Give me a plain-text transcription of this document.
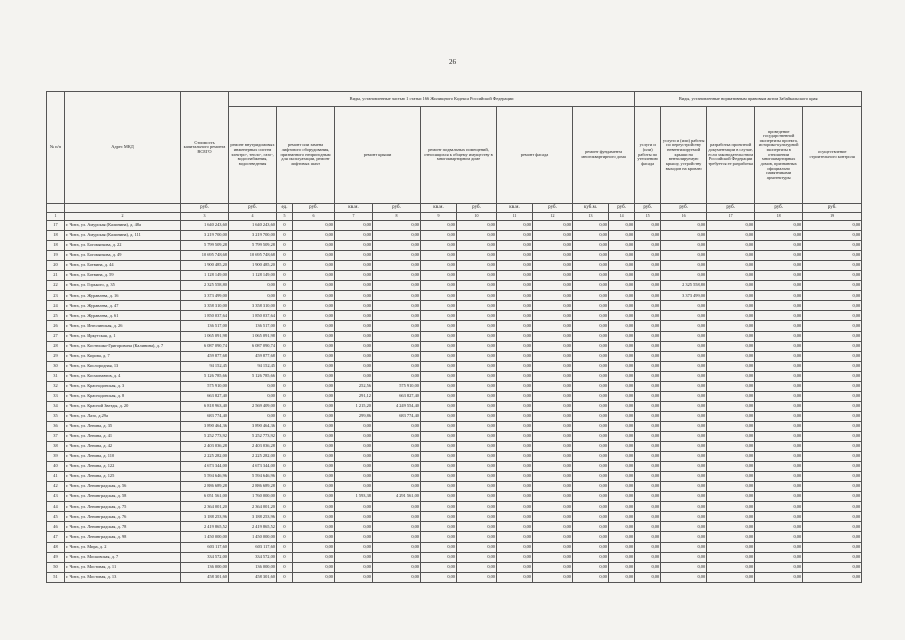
26
№ п/п	Адрес МКД	Стоимость капитального ремонта ВСЕГО	Виды, установленные частью 1 статьи 166 Жилищного Кодекса Российской Федерации											Виды, установленные нормативным правовым актом Забайкальского края				
			ремонт внутридомовых инженерных систем электро-, тепло-, газо-, водоснабжения, водоотведения	ремонт или замена лифтового оборудования, признанного непригодным для эксплуатации, ремонт лифтовых шахт		ремонт крыши		ремонт подвальных помещений, относящихся к общему имуществу в многоквартирном доме		ремонт фасада		ремонт фундамента многоквартирного дома		услуги и (или) работы по утеплению фасада	услуги и (или) работы по переустройству невентилируемой крыши на вентилируемую крышу, устройству выходов на кровлю	разработка проектной документации в случае, если законодательством Российской Федерации требуется ее разработка	проведение государственной экспертизы проекта, историко-культурной экспертизы в отношении многоквартирных домов, признанных официально памятниками архитектуры	осуществление строительного контроля
		руб.	руб.	ед.	руб.	кв.м.	руб.	кв.м.	руб.	кв.м.	руб.	куб.м.	руб.	руб.	руб.	руб.	руб.	руб.
1	2	3	4	5	6	7	8	9	10	11	12	13	14	15	16	17	18	19
17	г. Чита, ул. Амурская (Калинина), д. 48а	1 640 243,60	1 640 243,60	0	0,00	0,00	0,00	0,00	0,00	0,00	0,00	0,00	0,00	0,00	0,00	0,00	0,00	0,00
18	г. Чита, ул. Амурская (Калинина), д. 111	3 219 700,00	3 219 700,00	0	0,00	0,00	0,00	0,00	0,00	0,00	0,00	0,00	0,00	0,00	0,00	0,00	0,00	0,00
18	г. Чита, ул. Богомягкова, д. 22	5 799 509,28	5 799 509,28	0	0,00	0,00	0,00	0,00	0,00	0,00	0,00	0,00	0,00	0,00	0,00	0,00	0,00	0,00
19	г. Чита, ул. Богомягкова, д. 49	10 695 748,68	10 695 748,68	0	0,00	0,00	0,00	0,00	0,00	0,00	0,00	0,00	0,00	0,00	0,00	0,00	0,00	0,00
20	г. Чита, ул. Ботвина, д. 44	1 900 485,20	1 900 485,20	0	0,00	0,00	0,00	0,00	0,00	0,00	0,00	0,00	0,00	0,00	0,00	0,00	0,00	0,00
21	г. Чита, ул. Ботвина, д. 59	1 128 149,00	1 128 149,00	0	0,00	0,00	0,00	0,00	0,00	0,00	0,00	0,00	0,00	0,00	0,00	0,00	0,00	0,00
22	г. Чита, ул. Горького, д. 35	2 325 558,80	0,00	0	0,00	0,00	0,00	0,00	0,00	0,00	0,00	0,00	0,00	0,00	2 325 558,80	0,00	0,00	0,00
23	г. Чита, ул. Журавлева, д. 16	3 373 499,00	0,00	0	0,00	0,00	0,00	0,00	0,00	0,00	0,00	0,00	0,00	0,00	3 373 499,00	0,00	0,00	0,00
24	г. Чита, ул. Журавлева, д. 47	3 358 310,00	3 358 310,00	0	0,00	0,00	0,00	0,00	0,00	0,00	0,00	0,00	0,00	0,00	0,00	0,00	0,00	0,00
25	г. Чита, ул. Журавлева, д. 61	1 850 037,64	1 850 037,64	0	0,00	0,00	0,00	0,00	0,00	0,00	0,00	0,00	0,00	0,00	0,00	0,00	0,00	0,00
26	г. Чита, ул. Инголинская, д. 26	136 517,00	136 517,00	0	0,00	0,00	0,00	0,00	0,00	0,00	0,00	0,00	0,00	0,00	0,00	0,00	0,00	0,00
27	г. Чита, ул. Иркутская, д. 1	1 065 091,98	1 065 091,98	0	0,00	0,00	0,00	0,00	0,00	0,00	0,00	0,00	0,00	0,00	0,00	0,00	0,00	0,00
28	г. Чита, ул. Костюшко-Григоровича (Калинина), д. 7	6 087 090,74	6 087 090,74	0	0,00	0,00	0,00	0,00	0,00	0,00	0,00	0,00	0,00	0,00	0,00	0,00	0,00	0,00
29	г. Чита, ул. Кирова, д. 7	459 877,68	459 877,68	0	0,00	0,00	0,00	0,00	0,00	0,00	0,00	0,00	0,00	0,00	0,00	0,00	0,00	0,00
30	г. Чита, ул. Кислородная, 13	94 152,45	94 152,45	0	0,00	0,00	0,00	0,00	0,00	0,00	0,00	0,00	0,00	0,00	0,00	0,00	0,00	0,00
31	г. Чита, ул. Космонавтов, д. 4	5 126 785,66	5 126 785,66	0	0,00	0,00	0,00	0,00	0,00	0,00	0,00	0,00	0,00	0,00	0,00	0,00	0,00	0,00
32	г. Чита, ул. Краснодонская, д. 3	575 910,00	0,00	0	0,00	252,56	575 910,00	0,00	0,00	0,00	0,00	0,00	0,00	0,00	0,00	0,00	0,00	0,00
33	г. Чита, ул. Краснодонская, д. 8	663 827,40	0,00	0	0,00	291,12	663 827,40	0,00	0,00	0,00	0,00	0,00	0,00	0,00	0,00	0,00	0,00	0,00
34	г. Чита, ул. Красной Звезды, д. 20	6 818 963,40	2 569 409,00	0	0,00	1 215,20	4 249 554,40	0,00	0,00	0,00	0,00	0,00	0,00	0,00	0,00	0,00	0,00	0,00
35	г. Чита, ул. Лазо, д.29а	683 774,40	0,00	0	0,00	299,86	683 774,40	0,00	0,00	0,00	0,00	0,00	0,00	0,00	0,00	0,00	0,00	0,00
36	г. Чита, ул. Ленина, д. 35	3 890 464,36	3 890 464,36	0	0,00	0,00	0,00	0,00	0,00	0,00	0,00	0,00	0,00	0,00	0,00	0,00	0,00	0,00
37	г. Чита, ул. Ленина, д. 41	5 252 773,92	5 252 773,92	0	0,00	0,00	0,00	0,00	0,00	0,00	0,00	0,00	0,00	0,00	0,00	0,00	0,00	0,00
38	г. Чита, ул. Ленина, д. 42	2 403 036,28	2 403 036,28	0	0,00	0,00	0,00	0,00	0,00	0,00	0,00	0,00	0,00	0,00	0,00	0,00	0,00	0,00
39	г. Чита, ул. Ленина, д. 110	2 225 282,00	2 225 282,00	0	0,00	0,00	0,00	0,00	0,00	0,00	0,00	0,00	0,00	0,00	0,00	0,00	0,00	0,00
40	г. Чита, ул. Ленина, д. 122	4 673 344,00	4 673 344,00	0	0,00	0,00	0,00	0,00	0,00	0,00	0,00	0,00	0,00	0,00	0,00	0,00	0,00	0,00
41	г. Чита, ул. Ленина, д. 125	5 594 646,96	5 594 646,96	0	0,00	0,00	0,00	0,00	0,00	0,00	0,00	0,00	0,00	0,00	0,00	0,00	0,00	0,00
42	г. Чита, ул. Ленинградская, д. 56	2 886 689,28	2 886 689,28	0	0,00	0,00	0,00	0,00	0,00	0,00	0,00	0,00	0,00	0,00	0,00	0,00	0,00	0,00
43	г. Чита, ул. Ленинградская, д. 58	6 051 561,00	1 760 000,00	0	0,00	1 593,38	4 291 561,00	0,00	0,00	0,00	0,00	0,00	0,00	0,00	0,00	0,00	0,00	0,00
44	г. Чита, ул. Ленинградская, д. 75	2 364 001,20	2 364 001,20	0	0,00	0,00	0,00	0,00	0,00	0,00	0,00	0,00	0,00	0,00	0,00	0,00	0,00	0,00
45	г. Чита, ул. Ленинградская, д. 76	3 188 253,96	3 188 253,96	0	0,00	0,00	0,00	0,00	0,00	0,00	0,00	0,00	0,00	0,00	0,00	0,00	0,00	0,00
46	г. Чита, ул. Ленинградская, д. 78	2 419 865,52	2 419 865,52	0	0,00	0,00	0,00	0,00	0,00	0,00	0,00	0,00	0,00	0,00	0,00	0,00	0,00	0,00
47	г. Чита, ул. Ленинградская, д. 98	1 450 000,00	1 450 000,00	0	0,00	0,00	0,00	0,00	0,00	0,00	0,00	0,00	0,00	0,00	0,00	0,00	0,00	0,00
48	г. Чита, ул. Мира, д. 2	603 117,60	603 117,60	0	0,00	0,00	0,00	0,00	0,00	0,00	0,00	0,00	0,00	0,00	0,00	0,00	0,00	0,00
49	г. Чита, ул. Московская, д. 7	334 572,00	334 572,00	0	0,00	0,00	0,00	0,00	0,00	0,00	0,00	0,00	0,00	0,00	0,00	0,00	0,00	0,00
50	г. Чита, ул. Мостовая, д. 11	136 000,00	136 000,00	0	0,00	0,00	0,00	0,00	0,00	0,00	0,00	0,00	0,00	0,00	0,00	0,00	0,00	0,00
51	г. Чита, ул. Мостовая, д. 13	458 301,60	458 301,60	0	0,00	0,00	0,00	0,00	0,00	0,00	0,00	0,00	0,00	0,00	0,00	0,00	0,00	0,00
